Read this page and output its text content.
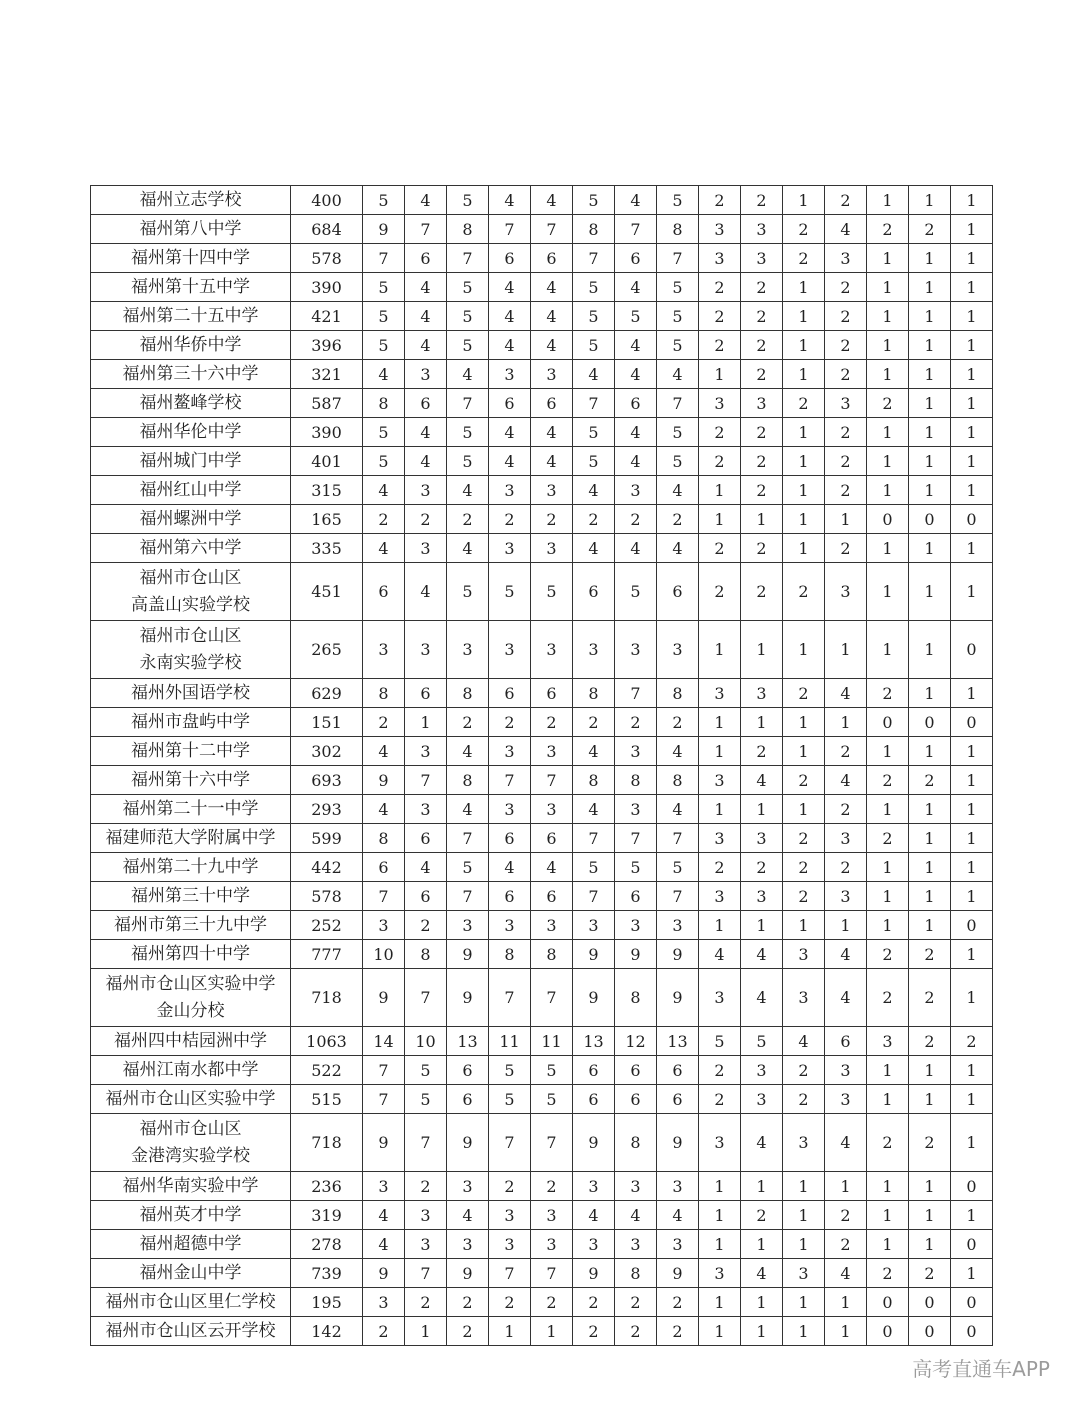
福州立志学校	400	5	4	5	4	4	5	4	5	2	2	1	2	1	1	1
福州第八中学	684	9	7	8	7	7	8	7	8	3	3	2	4	2	2	1
福州第十四中学	578	7	6	7	6	6	7	6	7	3	3	2	3	1	1	1
福州第十五中学	390	5	4	5	4	4	5	4	5	2	2	1	2	1	1	1
福州第二十五中学	421	5	4	5	4	4	5	5	5	2	2	1	2	1	1	1
福州华侨中学	396	5	4	5	4	4	5	4	5	2	2	1	2	1	1	1
福州第三十六中学	321	4	3	4	3	3	4	4	4	1	2	1	2	1	1	1
福州鳌峰学校	587	8	6	7	6	6	7	6	7	3	3	2	3	2	1	1
福州华伦中学	390	5	4	5	4	4	5	4	5	2	2	1	2	1	1	1
福州城门中学	401	5	4	5	4	4	5	4	5	2	2	1	2	1	1	1
福州红山中学	315	4	3	4	3	3	4	3	4	1	2	1	2	1	1	1
福州螺洲中学	165	2	2	2	2	2	2	2	2	1	1	1	1	0	0	0
福州第六中学	335	4	3	4	3	3	4	4	4	2	2	1	2	1	1	1
福州市仓山区
高盖山实验学校	451	6	4	5	5	5	6	5	6	2	2	2	3	1	1	1
福州市仓山区
永南实验学校	265	3	3	3	3	3	3	3	3	1	1	1	1	1	1	0
福州外国语学校	629	8	6	8	6	6	8	7	8	3	3	2	4	2	1	1
福州市盘屿中学	151	2	1	2	2	2	2	2	2	1	1	1	1	0	0	0
福州第十二中学	302	4	3	4	3	3	4	3	4	1	2	1	2	1	1	1
福州第十六中学	693	9	7	8	7	7	8	8	8	3	4	2	4	2	2	1
福州第二十一中学	293	4	3	4	3	3	4	3	4	1	1	1	2	1	1	1
福建师范大学附属中学	599	8	6	7	6	6	7	7	7	3	3	2	3	2	1	1
福州第二十九中学	442	6	4	5	4	4	5	5	5	2	2	2	2	1	1	1
福州第三十中学	578	7	6	7	6	6	7	6	7	3	3	2	3	1	1	1
福州市第三十九中学	252	3	2	3	3	3	3	3	3	1	1	1	1	1	1	0
福州第四十中学	777	10	8	9	8	8	9	9	9	4	4	3	4	2	2	1
福州市仓山区实验中学
金山分校	718	9	7	9	7	7	9	8	9	3	4	3	4	2	2	1
福州四中桔园洲中学	1063	14	10	13	11	11	13	12	13	5	5	4	6	3	2	2
福州江南水都中学	522	7	5	6	5	5	6	6	6	2	3	2	3	1	1	1
福州市仓山区实验中学	515	7	5	6	5	5	6	6	6	2	3	2	3	1	1	1
福州市仓山区
金港湾实验学校	718	9	7	9	7	7	9	8	9	3	4	3	4	2	2	1
福州华南实验中学	236	3	2	3	2	2	3	3	3	1	1	1	1	1	1	0
福州英才中学	319	4	3	4	3	3	4	4	4	1	2	1	2	1	1	1
福州超德中学	278	4	3	3	3	3	3	3	3	1	1	1	2	1	1	0
福州金山中学	739	9	7	9	7	7	9	8	9	3	4	3	4	2	2	1
福州市仓山区里仁学校	195	3	2	2	2	2	2	2	2	1	1	1	1	0	0	0
福州市仓山区云开学校	142	2	1	2	1	1	2	2	2	1	1	1	1	0	0	0
高考直通车APP
